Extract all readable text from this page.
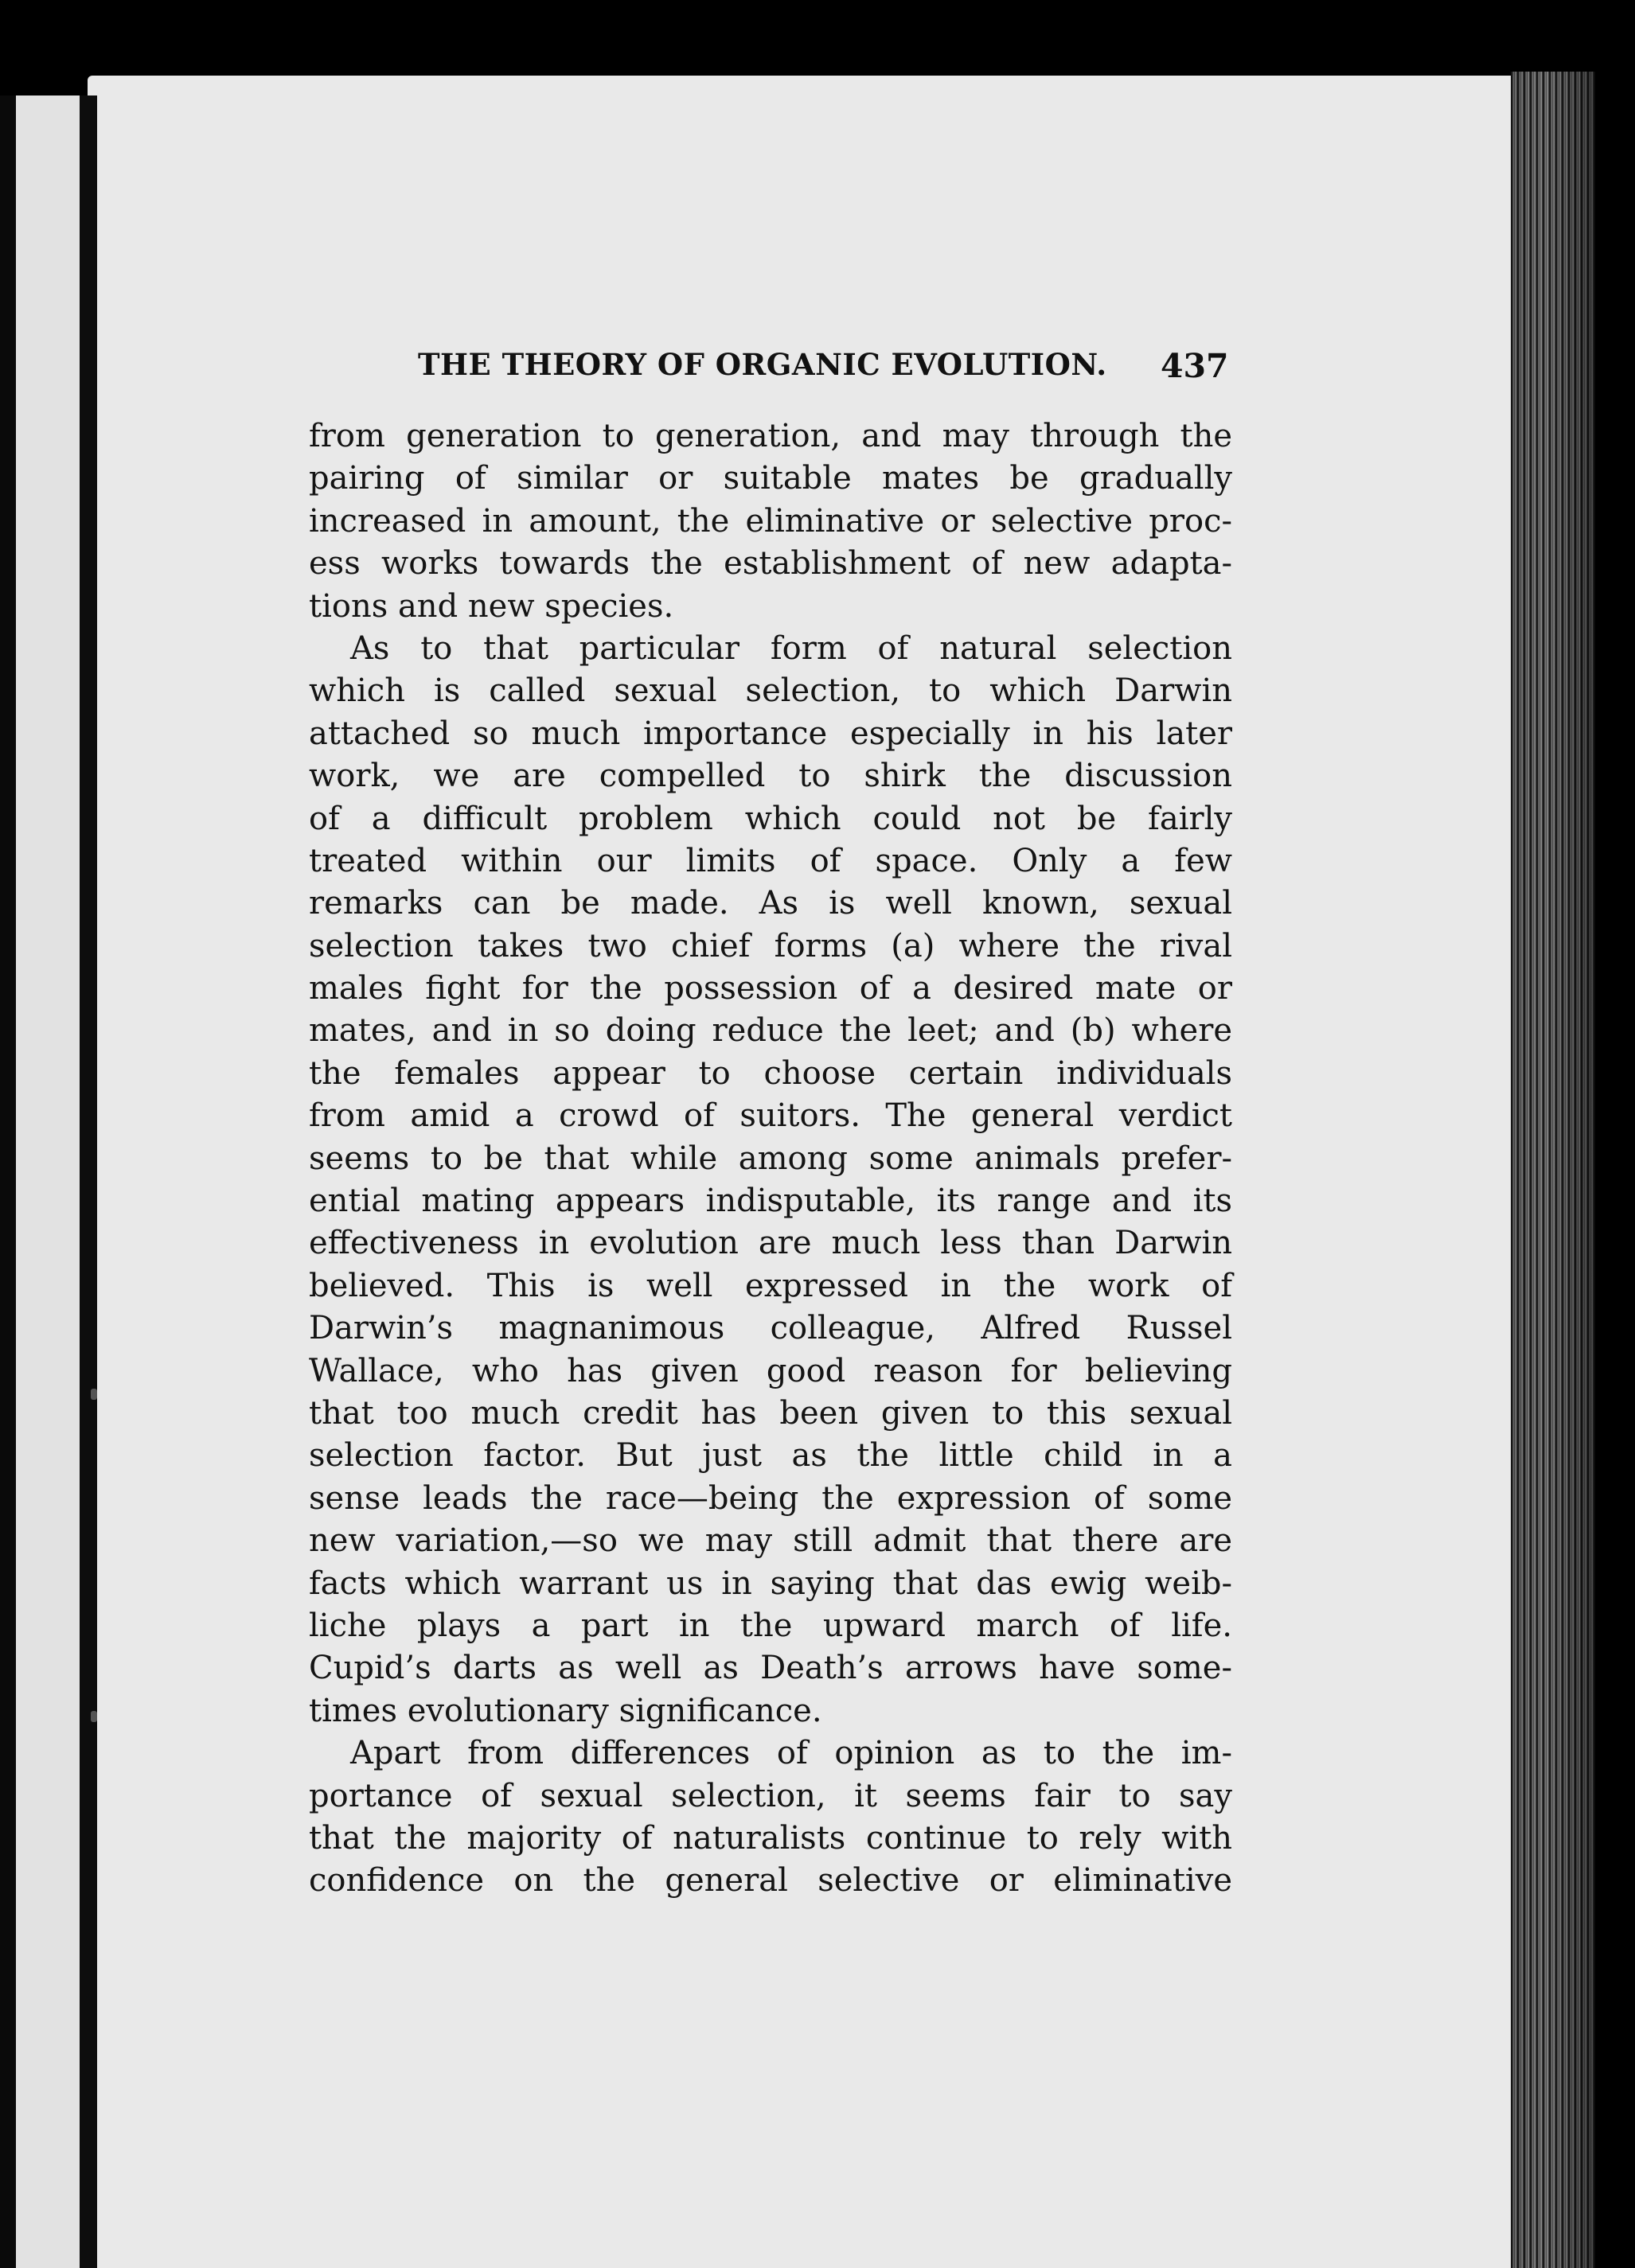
THE THEORY OF ORGANIC EVOLUTION.	437
from generation to generation, and may through the
pairing of similar or suitable mates be gradually
increased in amount, the eliminative or selective proc-
ess works towards the establishment of new adapta-
tions and new species.
As to that particular form of natural selection
which is called sexual selection, to which Darwin
attached so much importance especially in his later
work, we are compelled to shirk the discussion
of a difficult problem which could not be fairly
treated within our limits of space. Only a few
remarks can be made. As is well known, sexual
selection takes two chief forms (a) where the rival
males fight for the possession of a desired mate or
mates, and in so doing reduce the leet; and (b) where
the females appear to choose certain individuals
from amid a crowd of suitors. The general verdict
seems to be that while among some animals prefer-
ential mating appears indisputable, its range and its
effectiveness in evolution are much less than Darwin
believed. This is well expressed in the work of
Darwin’s magnanimous colleague, Alfred Russel
Wallace, who has given good reason for believing
that too much credit has been given to this sexual
selection factor. But just as the little child in a
sense leads the race—being the expression of some
new variation,—so we may still admit that there are
facts which warrant us in saying that das ewig weib-
liche plays a part in the upward march of life.
Cupid’s darts as well as Death’s arrows have some-
times evolutionary significance.
Apart from differences of opinion as to the im-
portance of sexual selection, it seems fair to say
that the majority of naturalists continue to rely with
confidence on the general selective or eliminative
